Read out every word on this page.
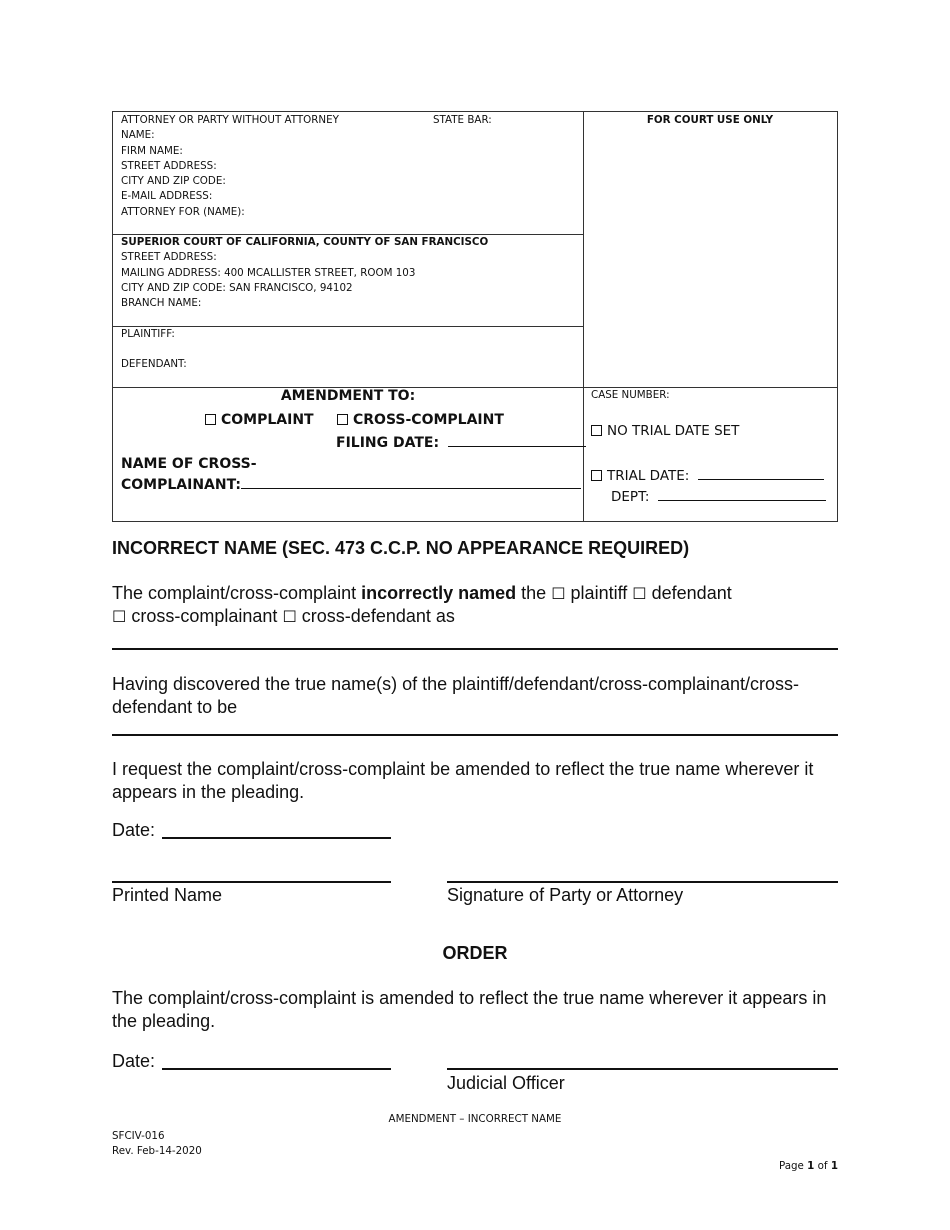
ATTORNEY OR PARTY WITHOUT ATTORNEY
NAME:
FIRM NAME:
STREET ADDRESS:
CITY AND ZIP CODE:
E-MAIL ADDRESS:
ATTORNEY FOR (NAME):
STATE BAR:	FOR COURT USE ONLY
SUPERIOR COURT OF CALIFORNIA, COUNTY OF SAN FRANCISCO
STREET ADDRESS:
MAILING ADDRESS: 400 MCALLISTER STREET, ROOM 103
CITY AND ZIP CODE: SAN FRANCISCO, 94102
BRANCH NAME:
PLAINTIFF:
DEFENDANT:
AMENDMENT TO:
COMPLAINT	CROSS-COMPLAINT
FILING DATE:
NAME OF CROSS-
COMPLAINANT:
CASE NUMBER:
NO TRIAL DATE SET
TRIAL DATE:
DEPT:
INCORRECT NAME (SEC. 473 C.C.P. NO APPEARANCE REQUIRED)
The complaint/cross-complaint incorrectly named the ☐ plaintiff ☐ defendant
☐ cross-complainant ☐ cross-defendant as
Having discovered the true name(s) of the plaintiff/defendant/cross-complainant/cross-defendant to be
I request the complaint/cross-complaint be amended to reflect the true name wherever it appears in the pleading.
Date:
Printed Name	Signature of Party or Attorney
ORDER
The complaint/cross-complaint is amended to reflect the true name wherever it appears in the pleading.
Date:
Judicial Officer
AMENDMENT – INCORRECT NAME
SFCIV-016
Rev. Feb-14-2020
Page 1 of 1
